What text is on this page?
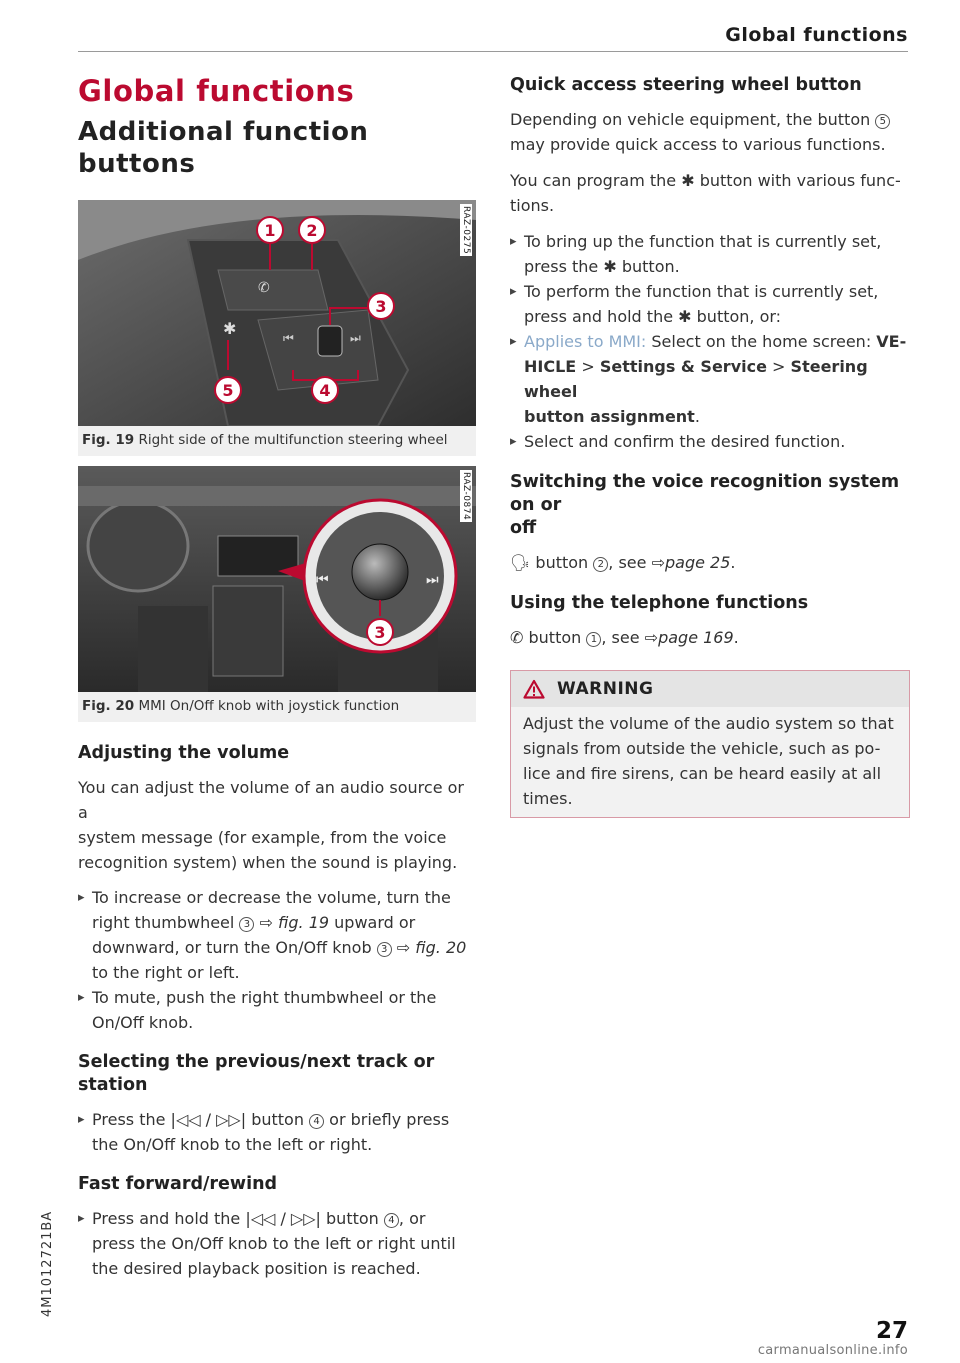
Global functions
4M1012721BA
Global functions
Additional function
buttons
⏮	⏭
✱
✆
1 2
3
4
5
RAZ-0275
Fig. 19 Right side of the multifunction steering wheel
⏮	⏭
3
RAZ-0874
Fig. 20 MMI On/Off knob with joystick function
Adjusting the volume

You can adjust the volume of an audio source or a
system message (for example, from the voice
recognition system) when the sound is playing.

▸ To increase or decrease the volume, turn the
right thumbwheel 3 ⇨ fig. 19 upward or
downward, or turn the On/Off knob 3 ⇨ fig. 20
to the right or left.
▸ To mute, push the right thumbwheel or the
On/Off knob.
Selecting the previous/next track or station
▸ Press the |◁◁ / ▷▷| button 4 or briefly press
the On/Off knob to the left or right.
Fast forward/rewind
▸ Press and hold the |◁◁ / ▷▷| button 4 , or
press the On/Off knob to the left or right until
the desired playback position is reached.
Quick access steering wheel button

Depending on vehicle equipment, the button 5
may provide quick access to various functions.

You can program the ✱ button with various func-
tions.

▸ To bring up the function that is currently set,
press the ✱ button.
▸ To perform the function that is currently set,
press and hold the ✱ button, or:
▸ Applies to MMI: Select on the home screen: VE-
HICLE > Settings & Service > Steering wheel
button assignment.
▸ Select and confirm the desired function.
Switching the voice recognition system on or
off

🗣 button 2 , see ⇨page 25.

Using the telephone functions

✆ button 1 , see ⇨page 169.

WARNING
Adjust the volume of the audio system so that
signals from outside the vehicle, such as po-
lice and fire sirens, can be heard easily at all
times.
27
carmanualsonline.info
